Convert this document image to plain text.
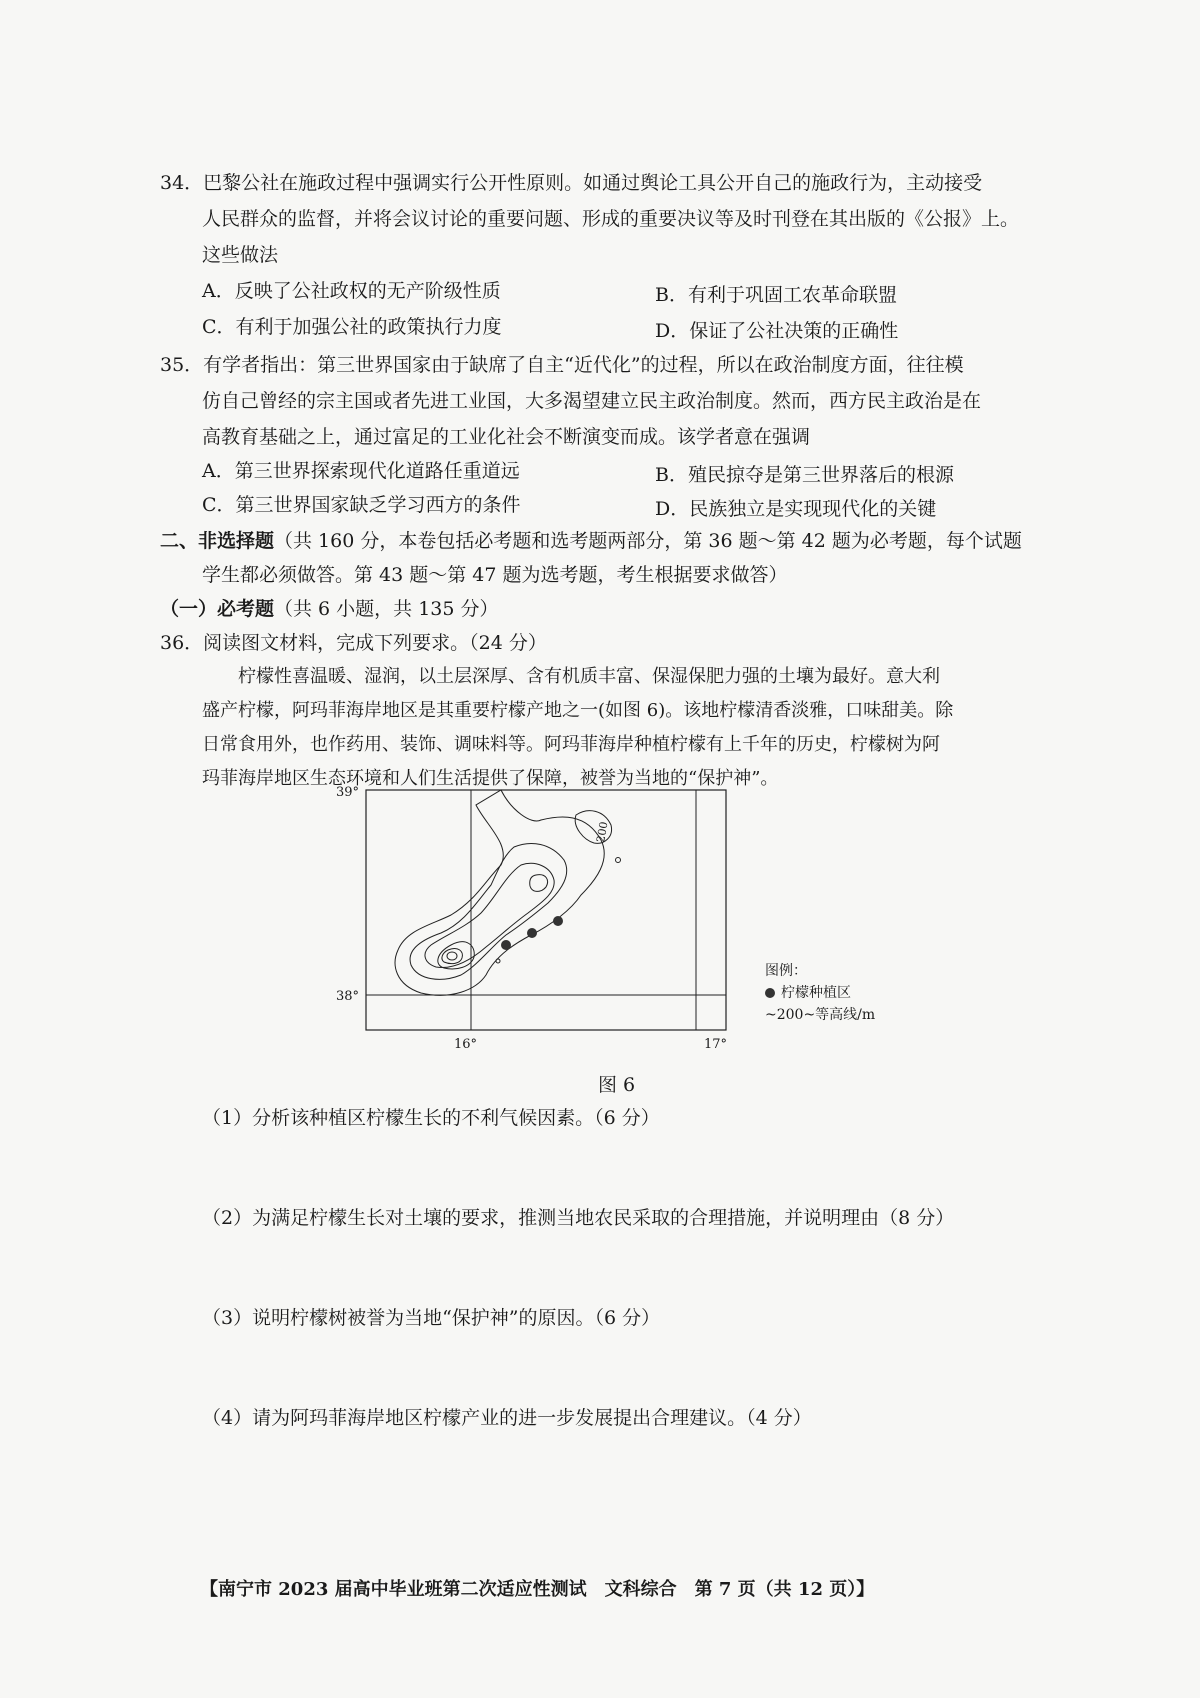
34．巴黎公社在施政过程中强调实行公开性原则。如通过舆论工具公开自己的施政行为，主动接受
人民群众的监督，并将会议讨论的重要问题、形成的重要决议等及时刊登在其出版的《公报》上。
这些做法
A．反映了公社政权的无产阶级性质	B．有利于巩固工农革命联盟
C．有利于加强公社的政策执行力度	D．保证了公社决策的正确性
35．有学者指出：第三世界国家由于缺席了自主“近代化”的过程，所以在政治制度方面，往往模
仿自己曾经的宗主国或者先进工业国，大多渴望建立民主政治制度。然而，西方民主政治是在
高教育基础之上，通过富足的工业化社会不断演变而成。该学者意在强调
A．第三世界探索现代化道路任重道远	B．殖民掠夺是第三世界落后的根源
C．第三世界国家缺乏学习西方的条件	D．民族独立是实现现代化的关键
二、非选择题（共 160 分，本卷包括必考题和选考题两部分，第 36 题～第 42 题为必考题，每个试题
学生都必须做答。第 43 题～第 47 题为选考题，考生根据要求做答）
（一）必考题（共 6 小题，共 135 分）
36．阅读图文材料，完成下列要求。（24 分）
柠檬性喜温暖、湿润，以土层深厚、含有机质丰富、保湿保肥力强的土壤为最好。意大利
盛产柠檬，阿玛菲海岸地区是其重要柠檬产地之一(如图 6)。该地柠檬清香淡雅，口味甜美。除
日常食用外，也作药用、装饰、调味料等。阿玛菲海岸种植柠檬有上千年的历史，柠檬树为阿
玛菲海岸地区生态环境和人们生活提供了保障，被誉为当地的“保护神”。
39°
38°
16°	17°
200
图例：
柠檬种植区
~200~等高线/m
图 6
（1）分析该种植区柠檬生长的不利气候因素。（6 分）
（2）为满足柠檬生长对土壤的要求，推测当地农民采取的合理措施，并说明理由（8 分）
（3）说明柠檬树被誉为当地“保护神”的原因。（6 分）
（4）请为阿玛菲海岸地区柠檬产业的进一步发展提出合理建议。（4 分）
【南宁市 2023 届高中毕业班第二次适应性测试　文科综合　第 7 页（共 12 页）】
